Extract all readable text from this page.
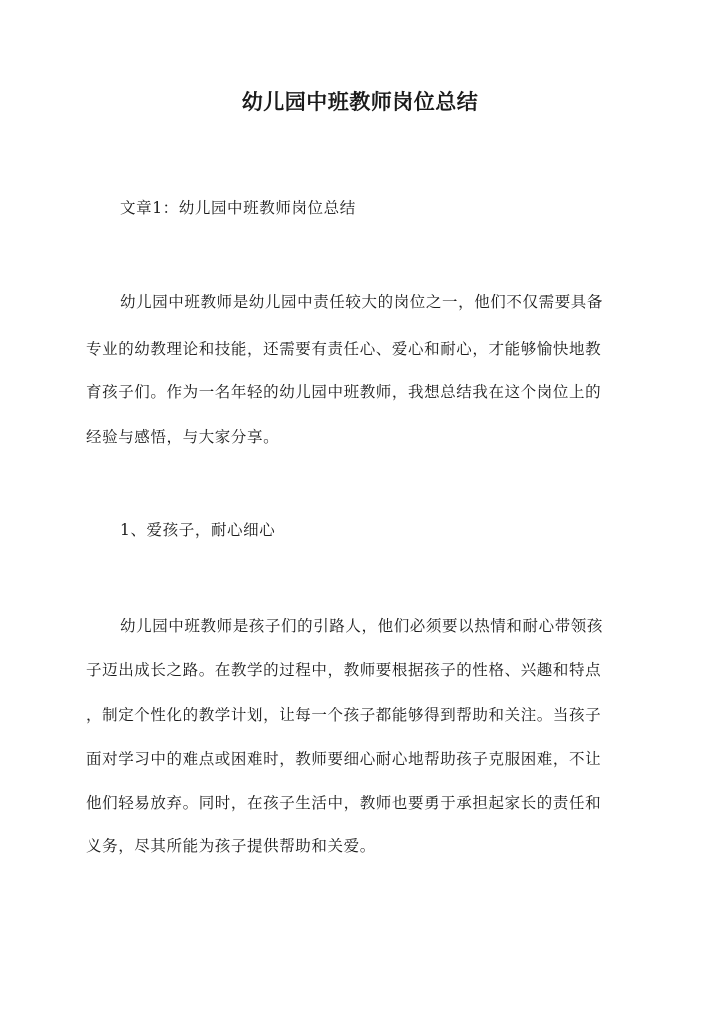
幼儿园中班教师岗位总结

文章1：幼儿园中班教师岗位总结

幼儿园中班教师是幼儿园中责任较大的岗位之一，他们不仅需要具备

专业的幼教理论和技能，还需要有责任心、爱心和耐心，才能够愉快地教

育孩子们。作为一名年轻的幼儿园中班教师，我想总结我在这个岗位上的

经验与感悟，与大家分享。

1、爱孩子，耐心细心

幼儿园中班教师是孩子们的引路人，他们必须要以热情和耐心带领孩

子迈出成长之路。在教学的过程中，教师要根据孩子的性格、兴趣和特点

，制定个性化的教学计划，让每一个孩子都能够得到帮助和关注。当孩子

面对学习中的难点或困难时，教师要细心耐心地帮助孩子克服困难，不让

他们轻易放弃。同时，在孩子生活中，教师也要勇于承担起家长的责任和

义务，尽其所能为孩子提供帮助和关爱。
